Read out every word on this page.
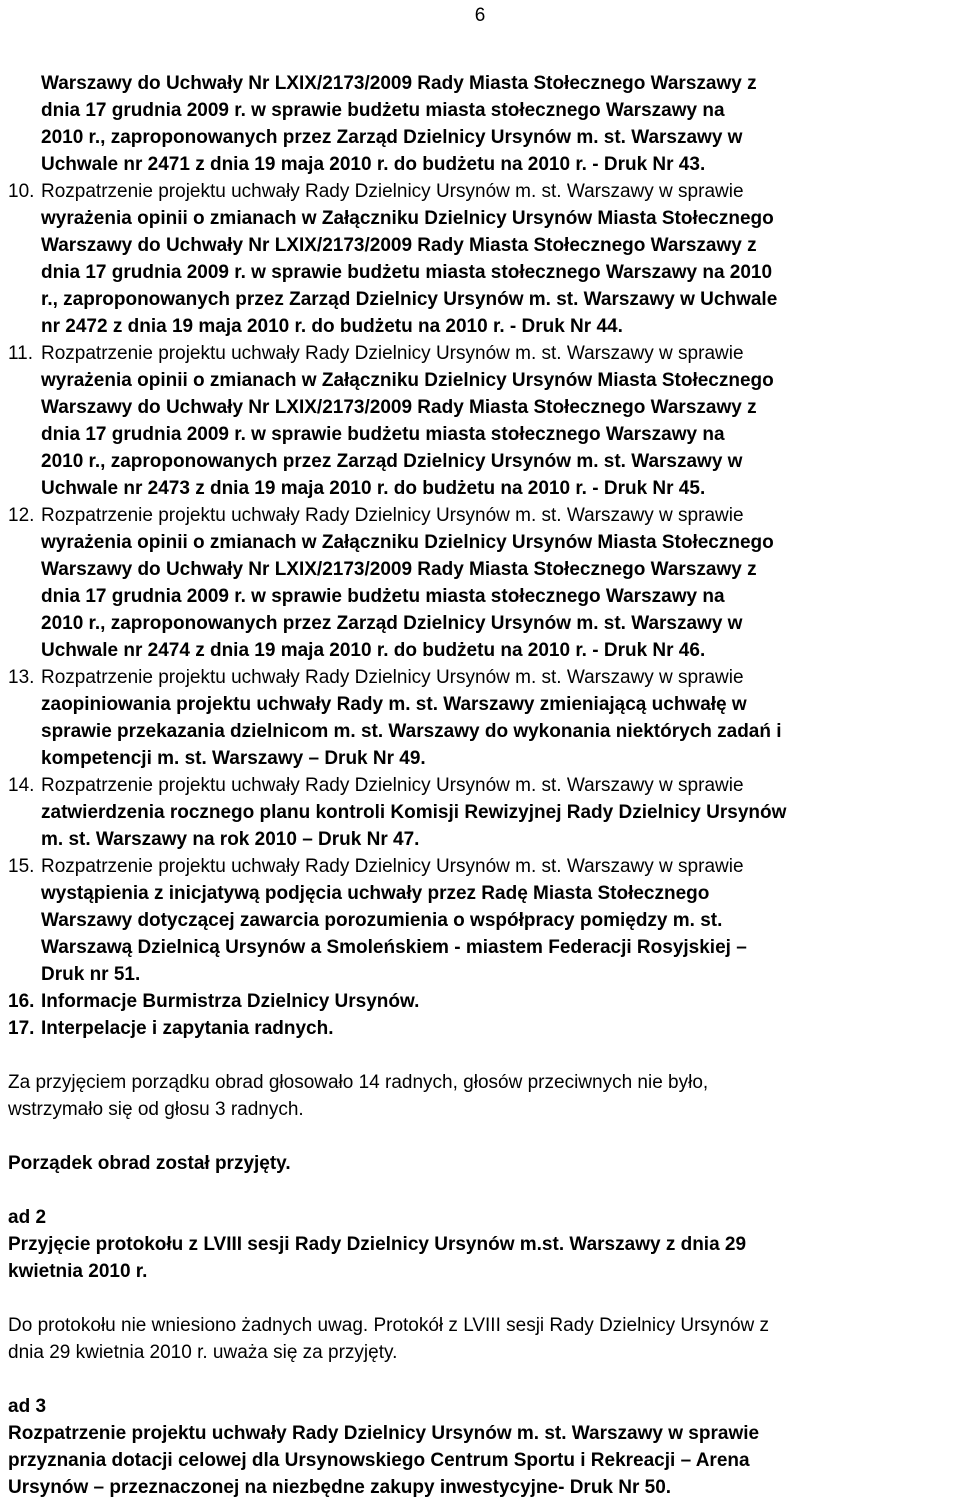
6
Warszawy do Uchwały Nr LXIX/2173/2009 Rady Miasta Stołecznego Warszawy z
dnia 17 grudnia 2009 r. w sprawie budżetu miasta stołecznego Warszawy na
2010 r., zaproponowanych przez Zarząd Dzielnicy Ursynów m. st. Warszawy w
Uchwale nr 2471 z dnia 19 maja 2010 r. do budżetu na 2010 r. - Druk Nr 43.
10. Rozpatrzenie projektu uchwały Rady Dzielnicy Ursynów m. st. Warszawy w sprawie
wyrażenia opinii o zmianach w Załączniku Dzielnicy Ursynów Miasta Stołecznego
Warszawy do Uchwały Nr LXIX/2173/2009 Rady Miasta Stołecznego Warszawy z
dnia 17 grudnia 2009 r. w sprawie budżetu miasta stołecznego Warszawy na 2010
r., zaproponowanych przez Zarząd Dzielnicy Ursynów m. st. Warszawy w Uchwale
nr 2472 z dnia 19 maja 2010 r. do budżetu na 2010 r. - Druk Nr 44.
11. Rozpatrzenie projektu uchwały Rady Dzielnicy Ursynów m. st. Warszawy w sprawie
wyrażenia opinii o zmianach w Załączniku Dzielnicy Ursynów Miasta Stołecznego
Warszawy do Uchwały Nr LXIX/2173/2009 Rady Miasta Stołecznego Warszawy z
dnia 17 grudnia 2009 r. w sprawie budżetu miasta stołecznego Warszawy na
2010 r., zaproponowanych przez Zarząd Dzielnicy Ursynów m. st. Warszawy w
Uchwale nr 2473 z dnia 19 maja 2010 r. do budżetu na 2010 r. - Druk Nr 45.
12. Rozpatrzenie projektu uchwały Rady Dzielnicy Ursynów m. st. Warszawy w sprawie
wyrażenia opinii o zmianach w Załączniku Dzielnicy Ursynów Miasta Stołecznego
Warszawy do Uchwały Nr LXIX/2173/2009 Rady Miasta Stołecznego Warszawy z
dnia 17 grudnia 2009 r. w sprawie budżetu miasta stołecznego Warszawy na
2010 r., zaproponowanych przez Zarząd Dzielnicy Ursynów m. st. Warszawy w
Uchwale nr 2474 z dnia 19 maja 2010 r. do budżetu na 2010 r. - Druk Nr 46.
13. Rozpatrzenie projektu uchwały Rady Dzielnicy Ursynów m. st. Warszawy w sprawie
zaopiniowania projektu uchwały Rady m. st. Warszawy zmieniającą uchwałę w
sprawie przekazania dzielnicom m. st. Warszawy do wykonania niektórych zadań i
kompetencji m. st. Warszawy – Druk Nr 49.
14. Rozpatrzenie projektu uchwały Rady Dzielnicy Ursynów m. st. Warszawy w sprawie
zatwierdzenia rocznego planu kontroli Komisji Rewizyjnej Rady Dzielnicy Ursynów
m. st. Warszawy na rok 2010 – Druk Nr 47.
15. Rozpatrzenie projektu uchwały Rady Dzielnicy Ursynów m. st. Warszawy w sprawie
wystąpienia z inicjatywą podjęcia uchwały przez Radę Miasta Stołecznego
Warszawy dotyczącej zawarcia porozumienia o współpracy pomiędzy m. st.
Warszawą Dzielnicą Ursynów a Smoleńskiem - miastem Federacji Rosyjskiej –
Druk nr 51.
16. Informacje Burmistrza Dzielnicy Ursynów.
17. Interpelacje i zapytania radnych.
Za przyjęciem porządku obrad głosowało 14 radnych, głosów przeciwnych nie było,
wstrzymało się od głosu 3 radnych.
Porządek obrad został przyjęty.
ad 2
Przyjęcie protokołu z LVIII sesji Rady Dzielnicy Ursynów m.st. Warszawy z dnia 29
kwietnia 2010 r.
Do protokołu nie wniesiono żadnych uwag. Protokół z LVIII sesji Rady Dzielnicy Ursynów z
dnia 29 kwietnia 2010 r. uważa się za przyjęty.
ad 3
Rozpatrzenie projektu uchwały Rady Dzielnicy Ursynów m. st. Warszawy w sprawie
przyznania dotacji celowej dla Ursynowskiego Centrum Sportu i Rekreacji – Arena
Ursynów – przeznaczonej na niezbędne zakupy inwestycyjne- Druk Nr 50.
